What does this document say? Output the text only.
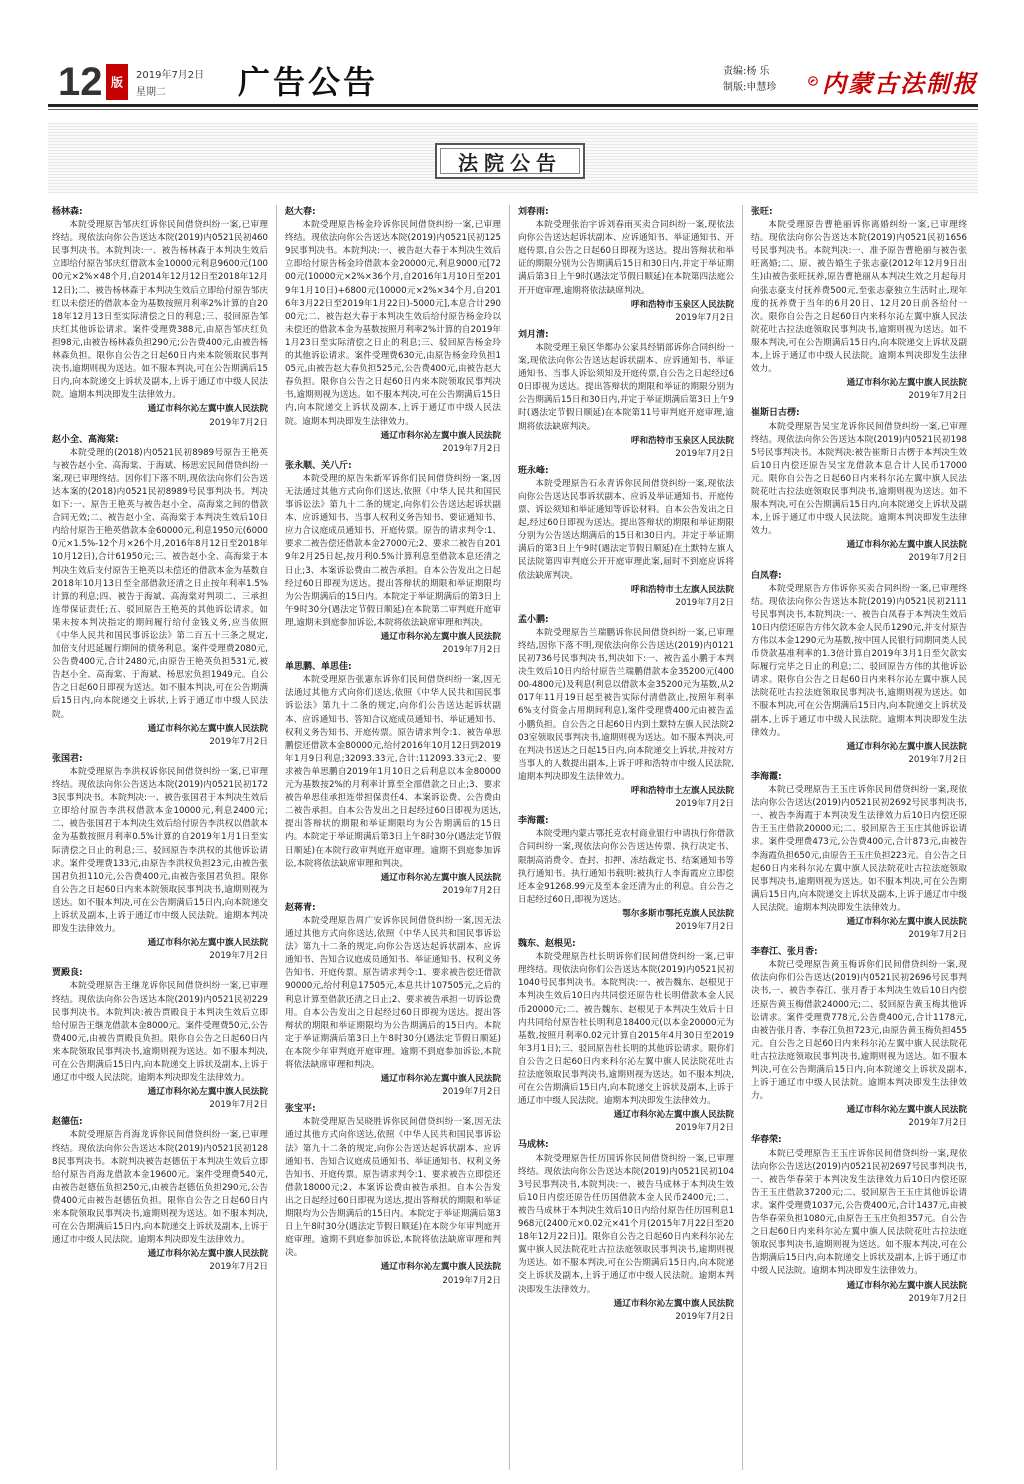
12 版
2019年7月2日
星期二	广告公告	责编:杨 乐
制版:申慧珍 内蒙古法制报
法院公告
杨林森:
本院受理原告邹庆红诉你民间借贷纠纷一案,已审理终结。现依法向你公告送达本院(2019)内0521民初460民事判决书。本院判决:一、被告杨林森于本判决生效后立即给付原告邹庆红借款本金10000元利息9600元(10000元×2%×48个月,自2014年12月12日至2018年12月12日);二、被告杨林森于本判决生效后立即给付原告邹庆红以未偿还的借款本金为基数按照月利率2%计算的自2018年12月13日至实际清偿之日的利息;三、驳回原告邹庆红其他诉讼请求。案件受理费388元,由原告邹庆红负担98元,由被告杨林森负担290元;公告费400元,由被告杨林森负担。限你自公告之日起60日内来本院领取民事判决书,逾期则视为送达。如不服本判决,可在公告期满后15日内,向本院递交上诉状及副本,上诉于通辽市中级人民法院。逾期本判决即发生法律效力。
通辽市科尔沁左翼中旗人民法院
2019年7月2日
赵小全、高海棠:
本院受理的(2018)内0521民初8989号原告王艳英与被告赵小全、高海棠、于海斌、杨思宏民间借贷纠纷一案,现已审理终结。因你们下落不明,现依法向你们公告送达本案的(2018)内0521民初8989号民事判决书。判决如下:一、原告王艳英与被告赵小全、高海棠之间的借款合同无效;二、被告赵小全、高海棠于本判决生效后10日内给付原告王艳英借款本金60000元,利息1950元(60000元×1.5%-12个月×26个月,2016年8月12日至2018年10月12日),合计61950元;三、被告赵小全、高海棠于本判决生效后支付原告王艳英以未偿还的借款本金为基数自2018年10月13日至全部借款还清之日止按年利率1.5%计算的利息;四、被告于海斌、高海棠对判项二、三承担连带保证责任;五、驳回原告王艳英的其他诉讼请求。如果未按本判决指定的期间履行给付金钱义务,应当依照《中华人民共和国民事诉讼法》第二百五十三条之规定,加倍支付迟延履行期间的债务利息。案件受理费2080元,公告费400元,合计2480元,由原告王艳英负担531元,被告赵小全、高海棠、于海斌、杨思宏负担1949元。自公告之日起60日即视为送达。如不服本判决,可在公告期满后15日内,向本院递交上诉状,上诉于通辽市中级人民法院。
通辽市科尔沁左翼中旗人民法院
2019年7月2日
张国君:
本院受理原告李洪权诉你民间借贷纠纷一案,已审理终结。现依法向你公告送达本院(2019)内0521民初1723民事判决书。本院判决:一、被告张国君于本判决生效后立即给付原告李洪权借款本金10000元,利息2400元;二、被告张国君于本判决生效后给付原告李洪权以借款本金为基数按照月利率0.5%计算的自2019年1月1日至实际清偿之日止的利息;三、驳回原告李洪权的其他诉讼请求。案件受理费133元,由原告李洪权负担23元,由被告张国君负担110元,公告费400元,由被告张国君负担。限你自公告之日起60日内来本院领取民事判决书,逾期则视为送达。如不服本判决,可在公告期满后15日内,向本院递交上诉状及副本,上诉于通辽市中级人民法院。逾期本判决即发生法律效力。
通辽市科尔沁左翼中旗人民法院
2019年7月2日
贾殿良:
本院受理原告王继龙诉你民间借贷纠纷一案,已审理终结。现依法向你公告送达本院(2019)内0521民初229民事判决书。本院判决:被告贾殿良于本判决生效后立即给付原告王继龙借款本金8000元。案件受理费50元,公告费400元,由被告贾殿良负担。限你自公告之日起60日内来本院领取民事判决书,逾期则视为送达。如不服本判决,可在公告期满后15日内,向本院递交上诉状及副本,上诉于通辽市中级人民法院。逾期本判决即发生法律效力。
通辽市科尔沁左翼中旗人民法院
2019年7月2日
赵德伍:
本院受理原告肖海龙诉你民间借贷纠纷一案,已审理终结。现依法向你公告送达本院(2019)内0521民初1288民事判决书。本院判决被告赵德伍于本判决生效后立即给付原告肖海龙借款本金19600元。案件受理费540元,由被告赵德伍负担250元,由被告赵德伍负担290元,公告费400元由被告赵德伍负担。限你自公告之日起60日内来本院领取民事判决书,逾期则视为送达。如不服本判决,可在公告期满后15日内,向本院递交上诉状及副本,上诉于通辽市中级人民法院。逾期本判决即发生法律效力。
通辽市科尔沁左翼中旗人民法院
2019年7月2日
赵大春:
本院受理原告杨金玲诉你民间借贷纠纷一案,已审理终结。现依法向你公告送达本院(2019)内0521民初1259民事判决书。本院判决:一、被告赵大春于本判决生效后立即给付原告杨金玲借款本金20000元,利息9000元[7200元(10000元×2%×36个月,自2016年1月10日至2019年1月10日)+6800元(10000元×2%×34个月,自2016年3月22日至2019年1月22日)-5000元],本息合计29000元;二、被告赵大春于本判决生效后给付原告杨金玲以未偿还的借款本金为基数按照月利率2%计算的自2019年1月23日至实际清偿之日止的利息;三、驳回原告杨金玲的其他诉讼请求。案件受理费630元,由原告杨金玲负担105元,由被告赵大春负担525元,公告费400元,由被告赵大春负担。限你自公告之日起60日内来本院领取民事判决书,逾期则视为送达。如不服本判决,可在公告期满后15日内,向本院递交上诉状及副本,上诉于通辽市中级人民法院。逾期本判决即发生法律效力。
通辽市科尔沁左翼中旗人民法院
2019年7月2日
张永顺、关八斤:
本院受理的原告朱新军诉你们民间借贷纠纷一案,因无法通过其他方式向你们送达,依照《中华人民共和国民事诉讼法》第九十二条的规定,向你们公告送达起诉状副本、应诉通知书、当事人权利义务告知书、要证通知书、应力合议庭成员通知书、开庭传票。原告的请求判令:1、要求二被告偿还借款本金27000元;2、要求二被告自2019年2月25日起,按月利0.5%计算利息至借款本息还清之日止;3、本案诉讼费由二被告承担。自本公告发出之日起经过60日即视为送达。提出答辩状的期限和举证期限均为公告期满后的15日内。本院定于举证期满后的第3日上午9时30分(遇法定节假日顺延)在本院第二审判庭开庭审理,逾期未到庭参加诉讼,本院将依法缺席审理和判决。
通辽市科尔沁左翼中旗人民法院
2019年7月2日
单思鹏、单思佳:
本院受理原告张憲东诉你们民间借贷纠纷一案,因无法通过其他方式向你们送达,依照《中华人民共和国民事诉讼法》第九十二条的规定,向你们公告送达起诉状副本、应诉通知书、答知合议庭成员通知书、举证通知书、权利义务告知书、开庭传票。原告请求判令:1、被告单思鹏偿还借款本金80000元,给付2016年10月12日到2019年1月9日利息;32093.33元,合计:112093.33元;2、要求被告单思鹏自2019年1月10日之后利息以本金80000元为基数按2%的月利率计算至全部借款之日止;3、要求被告单思佳承担连带担保责任4、本案诉讼费、公告费由二被告承担。自本公告发出之日起经过60日即视为送达,提出答辩状的期限和举证期限均为公告期满后的15日内。本院定于举证期满后第3日上午8时30分(遇法定节假日顺延)在本院行政审判庭开庭审理。逾期不到庭参加诉讼,本院将依法缺席审理和判决。
通辽市科尔沁左翼中旗人民法院
2019年7月2日
赵蒋青:
本院受理原告周广安诉你民间借贷纠纷一案,因无法通过其他方式向你送达,依照《中华人民共和国民事诉讼法》第九十二条的规定,向你公告送达起诉状副本、应诉通知书、告知合议庭成员通知书、举证通知书、权利义务告知书、开庭传票。原告请求判令:1、要求被告偿还借款90000元,给付利息17505元,本息共计107505元,之后的利息计算至借款还清之日止;2、要求被告承担一切诉讼费用。自本公告发出之日起经过60日即视为送达。提出答辩状的期限和举证期限均为公告期满后的15日内。本院定于举证期满后第3日上午8时30分(遇法定节假日顺延)在本院少年审判庭开庭审理。逾期不到庭参加诉讼,本院将依法缺席审理和判决。
通辽市科尔沁左翼中旗人民法院
2019年7月2日
张宝平:
本院受理原告吴晓胜诉你民间借贷纠纷一案,因无法通过其他方式向你送达,依照《中华人民共和国民事诉讼法》第九十二条的规定,向你公告送达起诉状副本、应诉通知书、告知合议庭成员通知书、举证通知书、权利义务告知书、开庭传票。原告请求判令:1、要求被告立即偿还借款18000元;2、本案诉讼费由被告承担。自本公告发出之日起经过60日即视为送达,提出答辩状的期限和举证期限均为公告期满后的15日内。本院定于举证期满后第3日上午8时30分(遇法定节假日顺延)在本院少年审判庭开庭审理。逾期不到庭参加诉讼,本院将依法缺席审理和判决。
通辽市科尔沁左翼中旗人民法院
2019年7月2日
刘春雨:
本院受理张治宇诉刘春雨买卖合同纠纷一案,现依法向你公告送达起诉状副本、应诉通知书、举证通知书、开庭传票,自公告之日起60日即视为送达。提出答辩状和举证的期限分别为公告期满后15日和30日内,并定于举证期满后第3日上午9时(遇法定节假日顺延)在本院第四法庭公开开庭审理,逾期将依法缺席判决。
呼和浩特市玉泉区人民法院
2019年7月2日
刘月清:
本院受理王泉区华都办公家具经销部诉你合同纠纷一案,现依法向你公告送达起诉状副本、应诉通知书、举证通知书、当事人诉讼须知及开庭传票,自公告之日起经过60日即视为送达。提出答辩状的期限和举证的期限分别为公告期满后15日和30日内,并定于举证期满后第3日上午9时(遇法定节假日顺延)在本院第11号审判庭开庭审理,逾期将依法缺席判决。
呼和浩特市玉泉区人民法院
2019年7月2日
班永峰:
本院受理原告石永青诉你民间借贷纠纷一案,现依法向你公告送达民事诉状副本、应诉及举证通知书、开庭传票、诉讼须知和举证通知等诉讼材料。自本公告发出之日起,经过60日即视为送达。提出答辩状的期限和举证期限分别为公告送达期满后的15日和30日内。并定于举证期满后的第3日上午9时(遇法定节假日顺延)在土默特左旗人民法院第四审判庭公开开庭审理此案,届时不到庭应诉将依法缺席判决。
呼和浩特市土左旗人民法院
2019年7月2日
孟小鹏:
本院受理原告兰瑞鹏诉你民间借贷纠纷一案,已审理终结,因你下落不明,现依法向你公告送达(2019)内0121民初736号民事判决书,判决如下:一、被告孟小鹏于本判决生效后10日内给付原告兰瑞鹏借款本金35200元(40000-4800元)及利息(利息以借款本金35200元为基数,从2017年11月19日起至被告实际付清借款止,按照年利率6%支付资金占用期间利息),案件受理费400元由被告孟小鹏负担。自公告之日起60日内到土默特左旗人民法院203室领取民事判决书,逾期则视为送达。如不服本判决,可在判决书送达之日起15日内,向本院递交上诉状,并按对方当事人的人数提出副本,上诉于呼和浩特市中级人民法院,逾期本判决即发生法律效力。
呼和浩特市土左旗人民法院
2019年7月2日
李海霞:
本院受理内蒙古鄂托克农村商业银行申请执行你借款合同纠纷一案,现依法向你公告送达传票、执行决定书、限制高消费令、查封、扣押、冻结裁定书、结案通知书等执行通知书。执行通知书载明:被执行人李海霞应立即偿还本金91268.99元及至本金还清为止的利息。自公告之日起经过60日,即视为送达。
鄂尔多斯市鄂托克旗人民法院
2019年7月2日
魏东、赵根见:
本院受理原告杜长明诉你们民间借贷纠纷一案,已审理终结。现依法向你们公告送达本院(2019)内0521民初1040号民事判决书。本院判决:一、被告魏东、赵根见于本判决生效后10日内共同偿还原告杜长明借款本金人民币20000元;二、被告魏东、赵根见于本判决生效后十日内共同给付原告杜长明利息18400元(以本金20000元为基数,按照月利率0.02元计算自2015年4月30日至2019年3月1日);三、驳回原告杜长明的其他诉讼请求。限你们自公告之日起60日内来科尔沁左翼中旗人民法院花吐古拉法庭领取民事判决书,逾期则视为送达。如不服本判决,可在公告期满后15日内,向本院递交上诉状及副本,上诉于通辽市中级人民法院。逾期本判决即发生法律效力。
通辽市科尔沁左翼中旗人民法院
2019年7月2日
马成林:
本院受理原告任历国诉你民间借贷纠纷一案,已审理终结。现依法向你公告送达本院(2019)内0521民初1043号民事判决书,本院判决:一、被告马成林于本判决生效后10日内偿还原告任历国借款本金人民币2400元;二、被告马成林于本判决生效后10日内给付原告任历国利息1968元(2400元×0.02元×41个月(2015年7月22日至2018年12月22日)]。限你自公告之日起60日内来科尔沁左翼中旗人民法院花吐古拉法庭领取民事判决书,逾期则视为送达。如不服本判决,可在公告期满后15日内,向本院递交上诉状及副本,上诉于通辽市中级人民法院。逾期本判决即发生法律效力。
通辽市科尔沁左翼中旗人民法院
2019年7月2日
张旺:
本院受理原告曹艳丽诉你离婚纠纷一案,已审理终结。现依法向你公告送达本院(2019)内0521民初1656号民事判决书。本院判决:一、准予原告曹艳丽与被告张旺离婚;二、原、被告婚生子张志豪(2012年12月9日出生)由被告张旺抚养,原告曹艳丽从本判决生效之月起每月向张志豪支付抚养费500元,至张志豪独立生活时止,现年度的抚养费于当年的6月20日、12月20日前各给付一次。限你自公告之日起60日内来科尔沁左翼中旗人民法院花吐古拉法庭领取民事判决书,逾期则视为送达。如不服本判决,可在公告期满后15日内,向本院递交上诉状及副本,上诉于通辽市中级人民法院。逾期本判决即发生法律效力。
通辽市科尔沁左翼中旗人民法院
2019年7月2日
崔斯日古楞:
本院受理原告吴宝龙诉你民间借贷纠纷一案,已审理终结。现依法向你公告送达本院(2019)内0521民初1985号民事判决书。本院判决:被告崔斯日古楞于本判决生效后10日内偿还原告吴宝龙借款本息合计人民币17000元。限你自公告之日起60日内来科尔沁左翼中旗人民法院花吐古拉法庭领取民事判决书,逾期则视为送达。如不服本判决,可在公告期满后15日内,向本院递交上诉状及副本,上诉于通辽市中级人民法院。逾期本判决即发生法律效力。
通辽市科尔沁左翼中旗人民法院
2019年7月2日
白凤春:
本院受理原告方伟诉你买卖合同纠纷一案,已审理终结。现依法向你公告送达本院(2019)内0521民初2111号民事判决书,本院判决:一、被告白凤春于本判决生效后10日内偿还原告方伟欠款本金人民币1290元,并支付原告方伟以本金1290元为基数,按中国人民银行同期同类人民币贷款基准利率的1.3倍计算自2019年3月1日至欠款实际履行完毕之日止的利息;二、驳回原告方伟的其他诉讼请求。限你自公告之日起60日内来科尔沁左翼中旗人民法院花吐古拉法庭领取民事判决书,逾期则视为送达。如不服本判决,可在公告期满后15日内,向本院递交上诉状及副本,上诉于通辽市中级人民法院。逾期本判决即发生法律效力。
通辽市科尔沁左翼中旗人民法院
2019年7月2日
李海霞:
本院已受理原告王玉庄诉你民间借贷纠纷一案,现依法向你公告送达(2019)内0521民初2692号民事判决书,一、被告李海霞于本判决发生法律效力后10日内偿还原告王玉庄借款20000元;二、驳回原告王玉庄其他诉讼请求。案件受理费473元,公告费400元,合计873元,由被告李海霞负担650元,由原告王玉庄负担223元。自公告之日起60日内来科尔沁左翼中旗人民法院花吐古拉法庭领取民事判决书,逾期则视为送达。如不服本判决,可在公告期满后15日内,向本院递交上诉状及副本,上诉于通辽市中级人民法院。逾期本判决即发生法律效力。
通辽市科尔沁左翼中旗人民法院
2019年7月2日
李春江、张月香:
本院已受理原告黄玉梅诉你们民间借贷纠纷一案,现依法向你们公告送达(2019)内0521民初2696号民事判决书,一、被告李春江、张月香于本判决生效后10日内偿还原告黄玉梅借款24000元;二、驳回原告黄玉梅其他诉讼请求。案件受理费778元,公告费400元,合计1178元,由被告张月香、李春江负担723元,由原告黄玉梅负担455元。自公告之日起60日内来科尔沁左翼中旗人民法院花吐古拉法庭领取民事判决书,逾期则视为送达。如不服本判决,可在公告期满后15日内,向本院递交上诉状及副本,上诉于通辽市中级人民法院。逾期本判决即发生法律效力。
通辽市科尔沁左翼中旗人民法院
2019年7月2日
华春荣:
本院已受理原告王玉庄诉你民间借贷纠纷一案,现依法向你公告送达(2019)内0521民初2697号民事判决书,一、被告华春荣于本判决发生法律效力后10日内偿还原告王玉庄借款37200元;二、驳回原告王玉庄其他诉讼请求。案件受理费1037元,公告费400元,合计1437元,由被告华春荣负担1080元,由原告王玉庄负担357元。自公告之日起60日内来科尔沁左翼中旗人民法院花吐古拉法庭领取民事判决书,逾期则视为送达。如不服本判决,可在公告期满后15日内,向本院递交上诉状及副本,上诉于通辽市中级人民法院。逾期本判决即发生法律效力。
通辽市科尔沁左翼中旗人民法院
2019年7月2日
